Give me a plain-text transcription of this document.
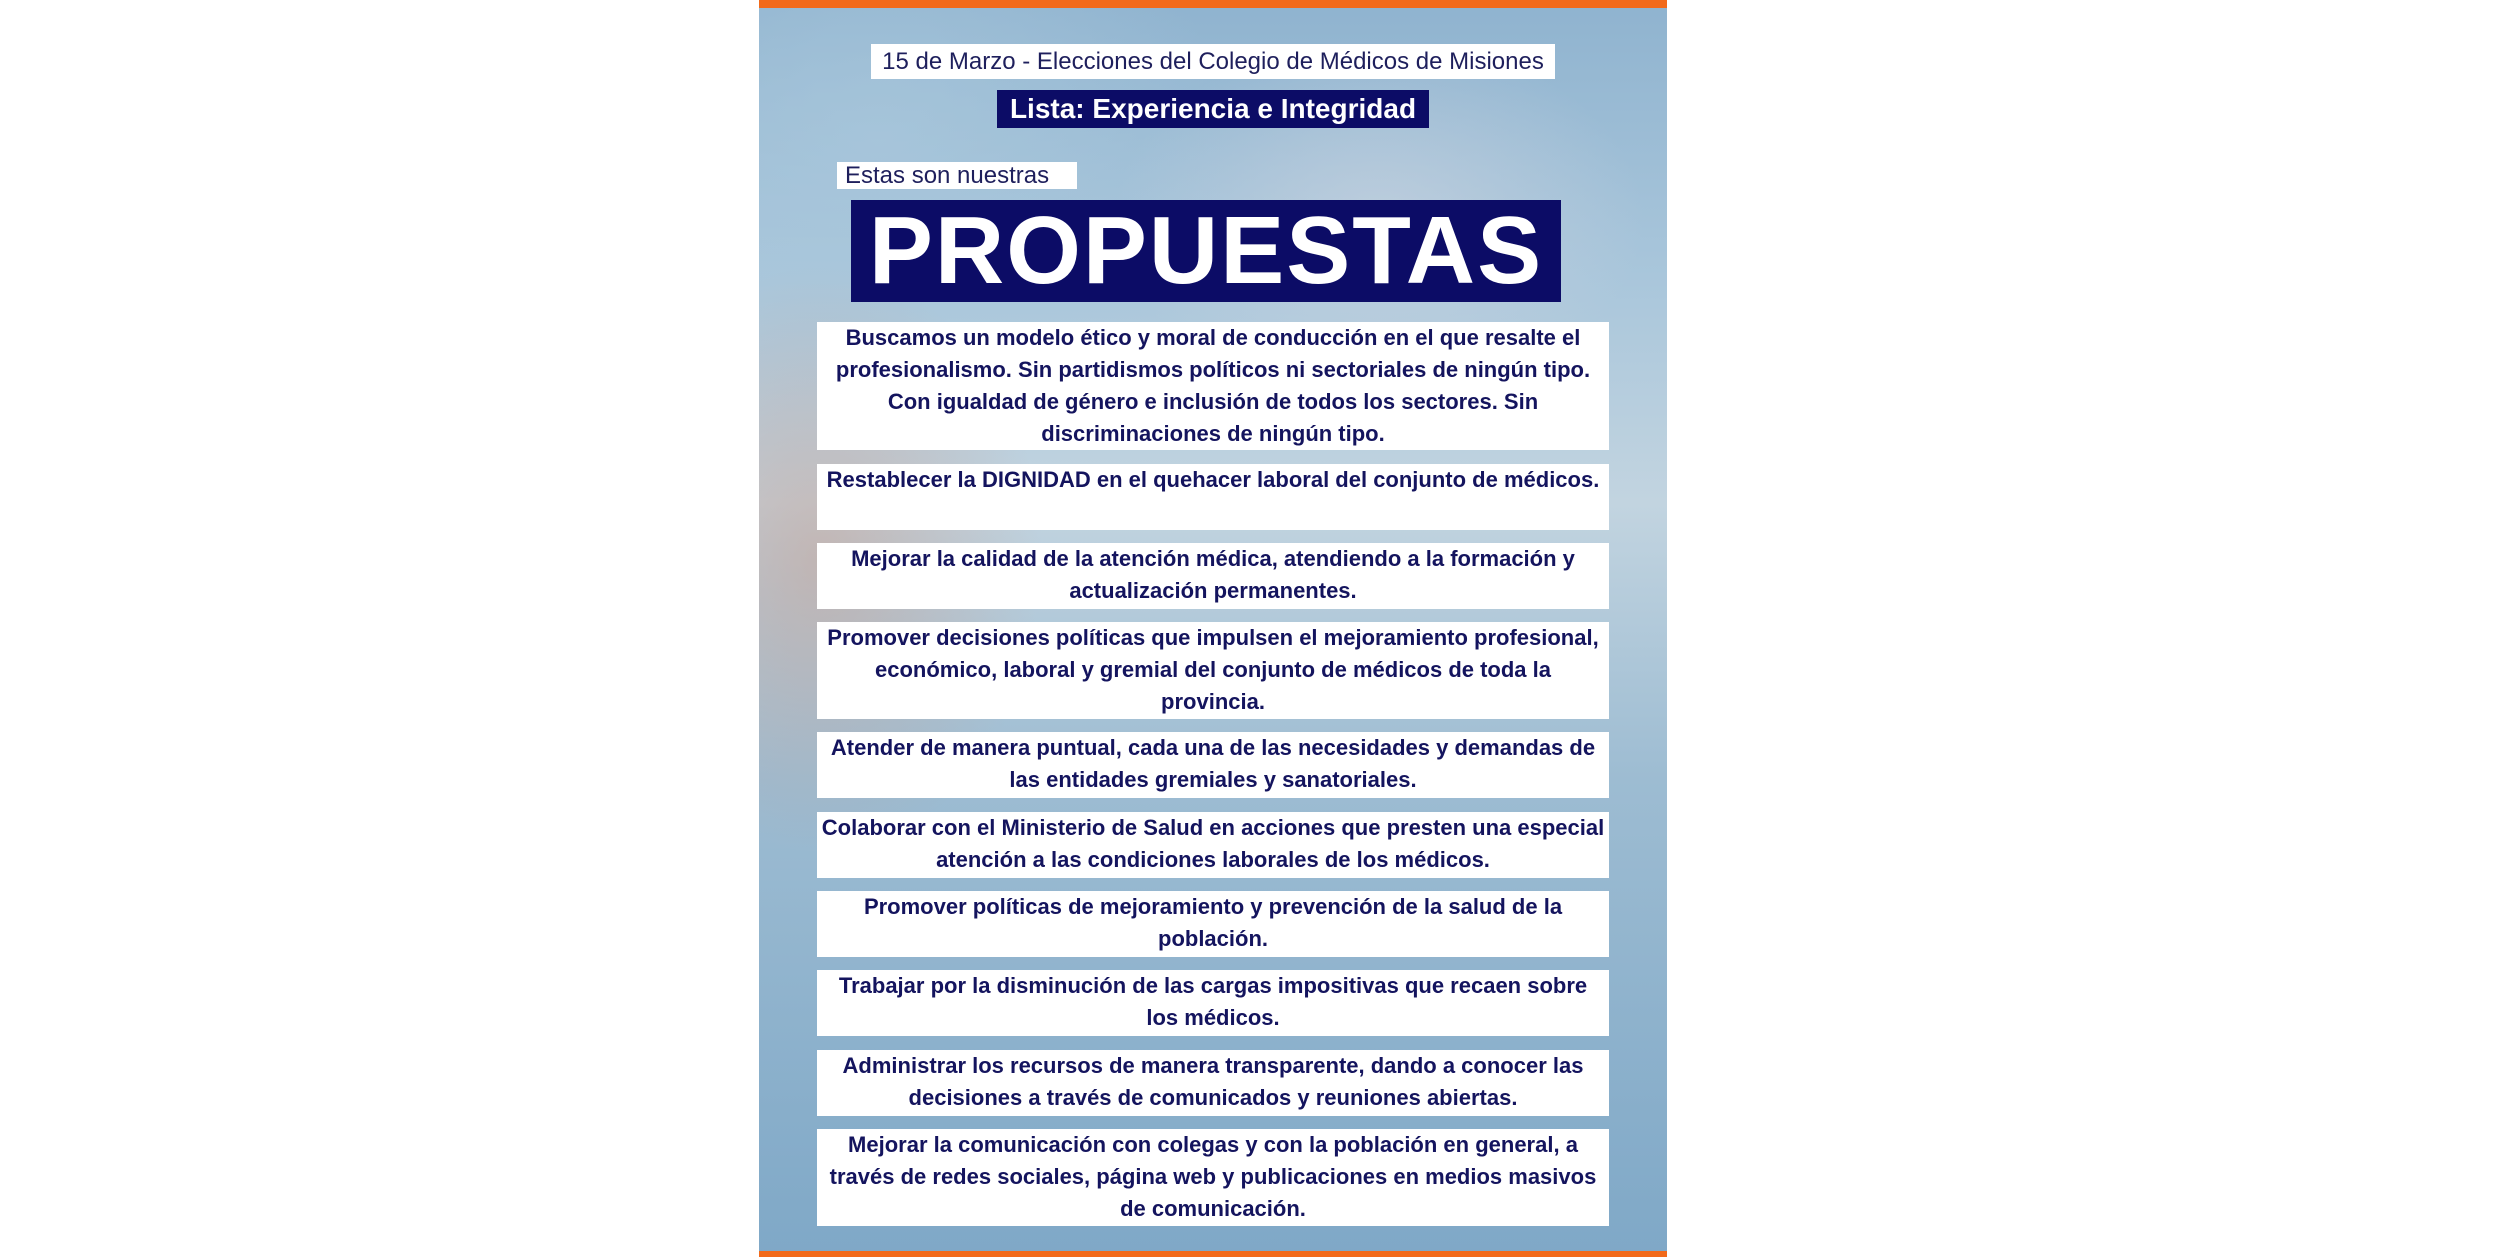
15 de Marzo - Elecciones del Colegio de Médicos de Misiones
Lista: Experiencia e Integridad
Estas son nuestras
PROPUESTAS
Buscamos un modelo ético y moral de conducción en el que resalte el profesionalismo. Sin partidismos políticos ni sectoriales de ningún tipo. Con igualdad de género e inclusión de todos los sectores. Sin discriminaciones de ningún tipo.
Restablecer la DIGNIDAD en el quehacer laboral del conjunto de médicos.
Mejorar la calidad de la atención médica, atendiendo a la formación y actualización permanentes.
Promover decisiones políticas que impulsen el mejoramiento profesional, económico, laboral y gremial del conjunto de médicos de toda la provincia.
Atender de manera puntual, cada una de las necesidades y demandas de las entidades gremiales y sanatoriales.
Colaborar con el Ministerio de Salud en acciones que presten una especial atención a las condiciones laborales de los médicos.
Promover políticas de mejoramiento y prevención de la salud de la población.
Trabajar por la disminución de las cargas impositivas que recaen sobre los médicos.
Administrar los recursos de manera transparente, dando a conocer las decisiones a través de comunicados y reuniones abiertas.
Mejorar la comunicación con colegas y con la población en general, a través de redes sociales, página web y publicaciones en medios masivos de comunicación.
